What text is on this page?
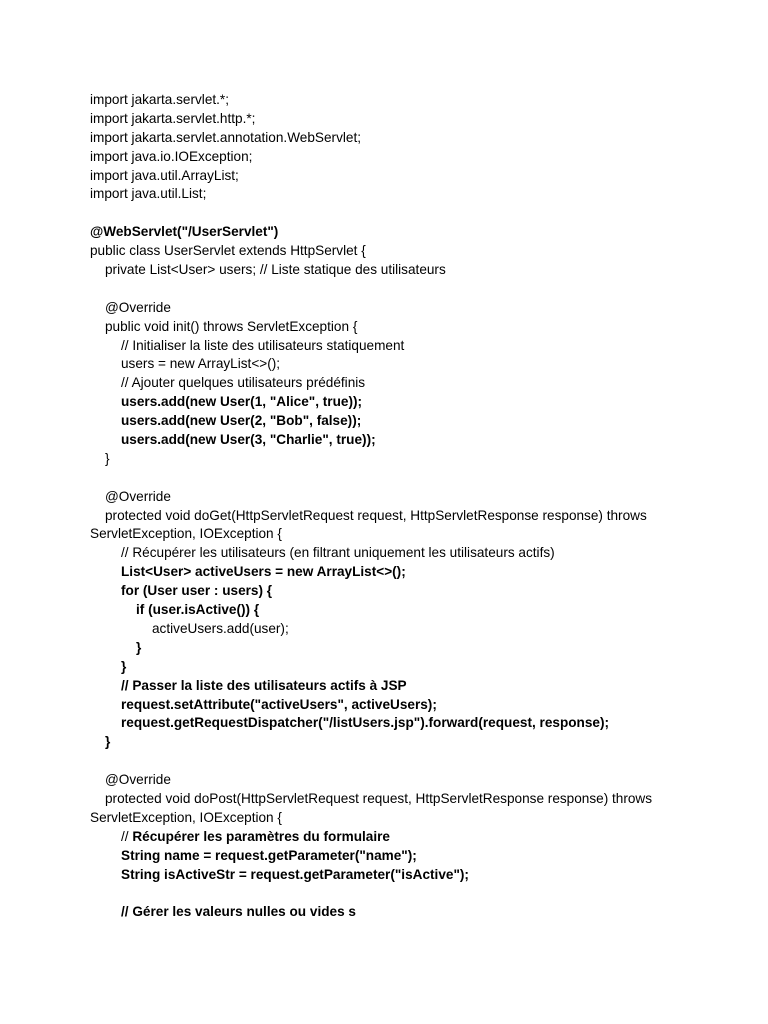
import jakarta.servlet.*;
import jakarta.servlet.http.*;
import jakarta.servlet.annotation.WebServlet;
import java.io.IOException;
import java.util.ArrayList;
import java.util.List;
@WebServlet("/UserServlet")
public class UserServlet extends HttpServlet {
private List<User> users; // Liste statique des utilisateurs
@Override
public void init() throws ServletException {
// Initialiser la liste des utilisateurs statiquement
users = new ArrayList<>();
// Ajouter quelques utilisateurs prédéfinis
users.add(new User(1, "Alice", true));
users.add(new User(2, "Bob", false));
users.add(new User(3, "Charlie", true));
}
@Override
protected void doGet(HttpServletRequest request, HttpServletResponse response) throws
ServletException, IOException {
// Récupérer les utilisateurs (en filtrant uniquement les utilisateurs actifs)
List<User> activeUsers = new ArrayList<>();
for (User user : users) {
if (user.isActive()) {
activeUsers.add(user);
}
}
// Passer la liste des utilisateurs actifs à JSP
request.setAttribute("activeUsers", activeUsers);
request.getRequestDispatcher("/listUsers.jsp").forward(request, response);
}
@Override
protected void doPost(HttpServletRequest request, HttpServletResponse response) throws
ServletException, IOException {
// Récupérer les paramètres du formulaire
String name = request.getParameter("name");
String isActiveStr = request.getParameter("isActive");
// Gérer les valeurs nulles ou vides s
